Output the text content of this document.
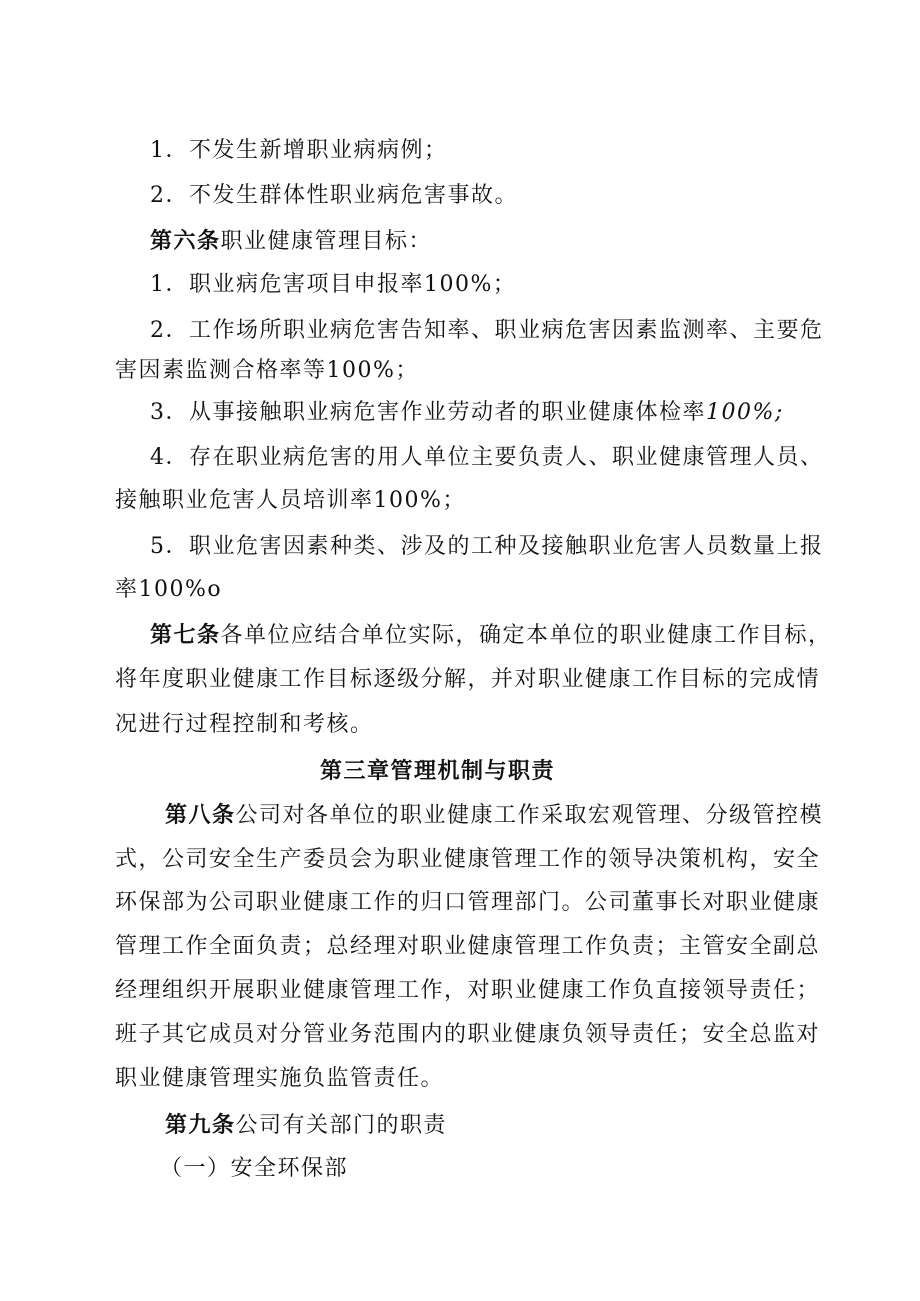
1．不发生新增职业病病例；
2．不发生群体性职业病危害事故。
第六条职业健康管理目标：
1．职业病危害项目申报率100%；
2．工作场所职业病危害告知率、职业病危害因素监测率、主要危
害因素监测合格率等100%；
3．从事接触职业病危害作业劳动者的职业健康体检率100%;
4．存在职业病危害的用人单位主要负责人、职业健康管理人员、
接触职业危害人员培训率100%；
5．职业危害因素种类、涉及的工种及接触职业危害人员数量上报
率100%o
第七条各单位应结合单位实际，确定本单位的职业健康工作目标，
将年度职业健康工作目标逐级分解，并对职业健康工作目标的完成情
况进行过程控制和考核。
第三章管理机制与职责
第八条公司对各单位的职业健康工作采取宏观管理、分级管控模
式，公司安全生产委员会为职业健康管理工作的领导决策机构，安全
环保部为公司职业健康工作的归口管理部门。公司董事长对职业健康
管理工作全面负责；总经理对职业健康管理工作负责；主管安全副总
经理组织开展职业健康管理工作，对职业健康工作负直接领导责任；
班子其它成员对分管业务范围内的职业健康负领导责任；安全总监对
职业健康管理实施负监管责任。
第九条公司有关部门的职责
（一）安全环保部
